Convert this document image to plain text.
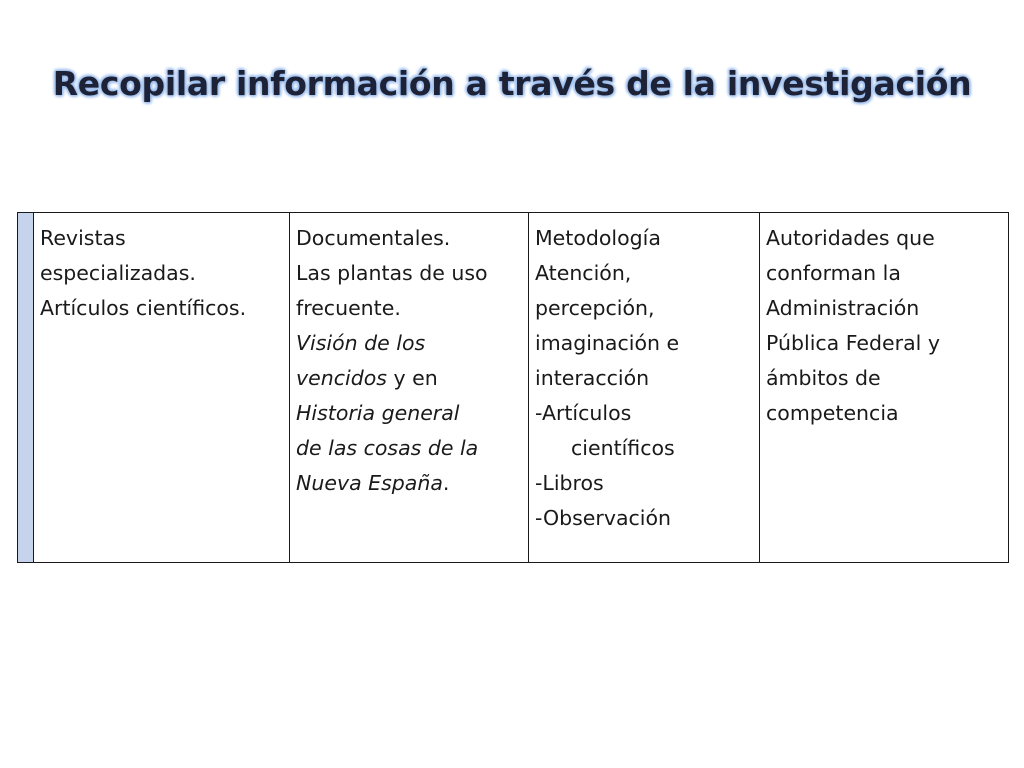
Recopilar información a través de la investigación

Revistas
especializadas.
Artículos científicos.

Documentales.
Las plantas de uso
frecuente.
Visión de los
vencidos y en
Historia general
de las cosas de la
Nueva España.

Metodología
Atención,
percepción,
imaginación e
interacción
-Artículos
científicos
-Libros
-Observación

Autoridades que
conforman la
Administración
Pública Federal y
ámbitos de
competencia
